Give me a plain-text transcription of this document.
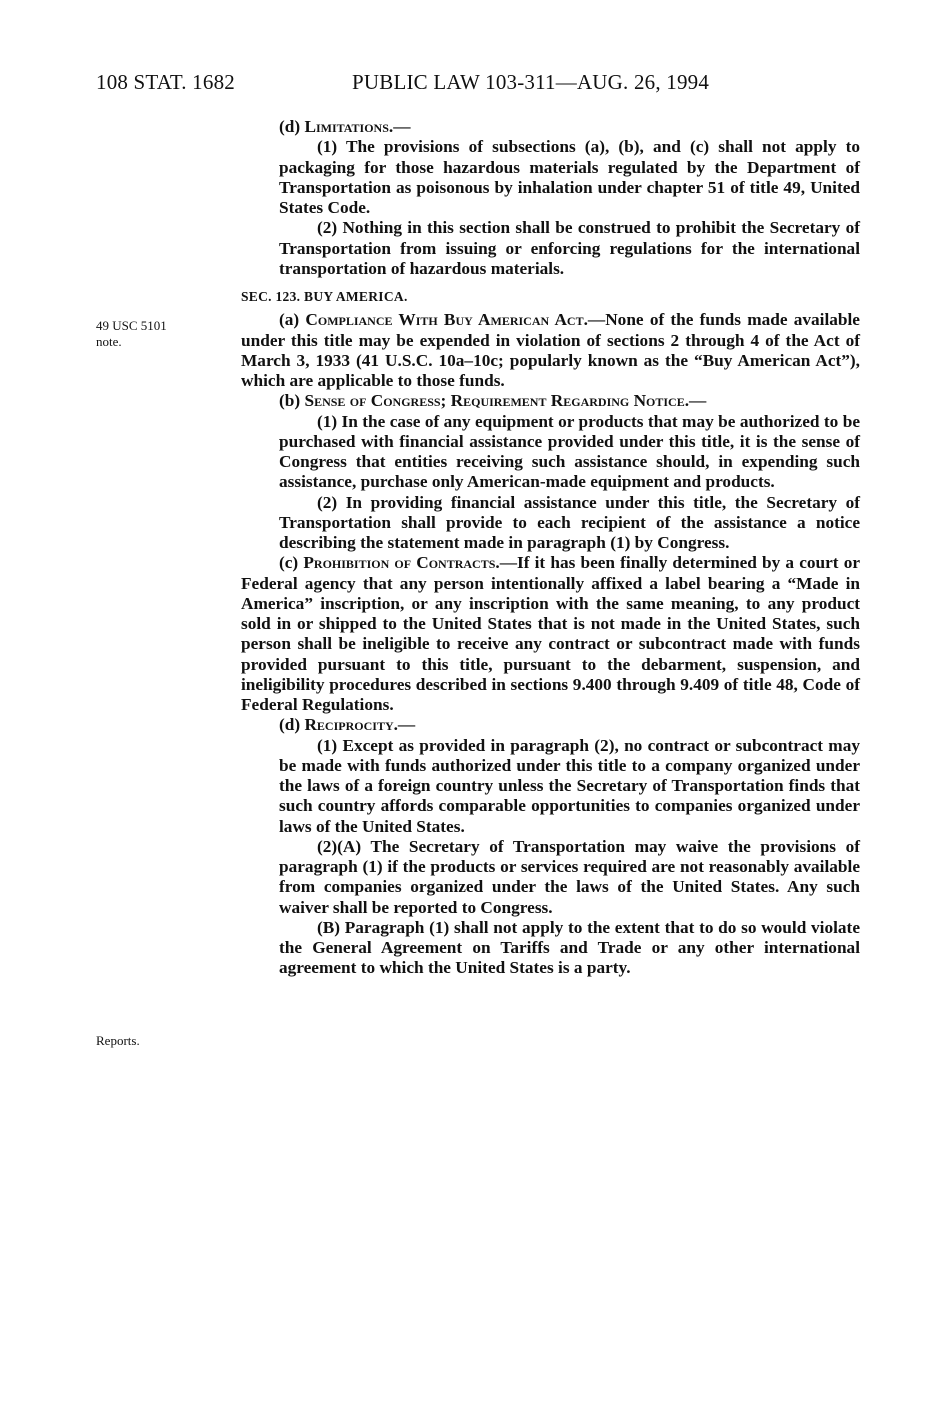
108 STAT. 1682	PUBLIC LAW 103-311—AUG. 26, 1994
49 USC 5101
note.
Reports.
(d) Limitations.—
(1) The provisions of subsections (a), (b), and (c) shall not apply to packaging for those hazardous materials regulated by the Department of Transportation as poisonous by inhalation under chapter 51 of title 49, United States Code.
(2) Nothing in this section shall be construed to prohibit the Secretary of Transportation from issuing or enforcing regulations for the international transportation of hazardous materials.
SEC. 123. BUY AMERICA.
(a) Compliance With Buy American Act.—None of the funds made available under this title may be expended in violation of sections 2 through 4 of the Act of March 3, 1933 (41 U.S.C. 10a–10c; popularly known as the “Buy American Act”), which are applicable to those funds.
(b) Sense of Congress; Requirement Regarding Notice.—
(1) In the case of any equipment or products that may be authorized to be purchased with financial assistance provided under this title, it is the sense of Congress that entities receiving such assistance should, in expending such assistance, purchase only American-made equipment and products.
(2) In providing financial assistance under this title, the Secretary of Transportation shall provide to each recipient of the assistance a notice describing the statement made in paragraph (1) by Congress.
(c) Prohibition of Contracts.—If it has been finally determined by a court or Federal agency that any person intentionally affixed a label bearing a “Made in America” inscription, or any inscription with the same meaning, to any product sold in or shipped to the United States that is not made in the United States, such person shall be ineligible to receive any contract or subcontract made with funds provided pursuant to this title, pursuant to the debarment, suspension, and ineligibility procedures described in sections 9.400 through 9.409 of title 48, Code of Federal Regulations.
(d) Reciprocity.—
(1) Except as provided in paragraph (2), no contract or subcontract may be made with funds authorized under this title to a company organized under the laws of a foreign country unless the Secretary of Transportation finds that such country affords comparable opportunities to companies organized under laws of the United States.
(2)(A) The Secretary of Transportation may waive the provisions of paragraph (1) if the products or services required are not reasonably available from companies organized under the laws of the United States. Any such waiver shall be reported to Congress.
(B) Paragraph (1) shall not apply to the extent that to do so would violate the General Agreement on Tariffs and Trade or any other international agreement to which the United States is a party.
